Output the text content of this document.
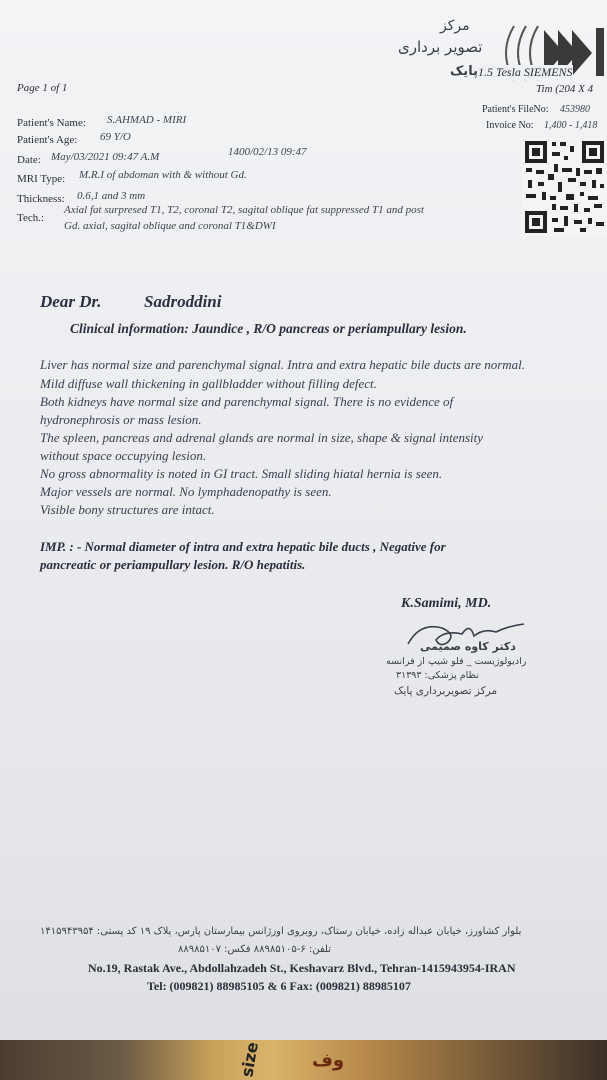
مرکز
تصویر برداری
پایک 1.5 Tesla SIEMENS
Tim (204 X 4
Page 1 of 1
Patient's FileNo: 453980
Invoice No: 1,400 - 1,418
Patient's Name: S.AHMAD - MIRI
Patient's Age: 69 Y/O
Date: May/03/2021 09:47 A.M	1400/02/13 09:47
MRI Type: M.R.I of abdoman with & without Gd.
Thickness: 0.6,1 and 3 mm
Tech.:
Axial fat surpresed T1, T2, coronal T2, sagital oblique fat suppressed T1 and post
Gd. axial, sagital oblique and coronal T1&DWI
Dear Dr.	Sadroddini
Clinical information: Jaundice , R/O pancreas or periampullary lesion.
Liver has normal size and parenchymal signal. Intra and extra hepatic bile ducts are normal.
Mild diffuse wall thickening in gallbladder without filling defect.
Both kidneys have normal size and parenchymal signal. There is no evidence of
hydronephrosis or mass lesion.
The spleen, pancreas and adrenal glands are normal in size, shape & signal intensity
without space occupying lesion.
No gross abnormality is noted in GI tract. Small sliding hiatal hernia is seen.
Major vessels are normal. No lymphadenopathy is seen.
Visible bony structures are intact.
IMP. : - Normal diameter of intra and extra hepatic bile ducts , Negative for
pancreatic or periampullary lesion. R/O hepatitis.
K.Samimi, MD.
دکتر کاوه صمیمی
رادیولوژیست _ فلو شیپ از فرانسه
نظام پزشکی: ۳۱۳۹۳
مرکز تصویربرداری پایک
بلوار کشاورز، خیابان عبداله زاده، خیابان رستاک، روبروی اورژانس بیمارستان پارس، پلاک ۱۹ کد پستی: ۱۴۱۵۹۴۳۹۵۴
تلفن: ۶-۸۸۹۸۵۱۰۵ فکس: ۸۸۹۸۵۱۰۷
No.19, Rastak Ave., Abdollahzadeh St., Keshavarz Blvd., Tehran-1415943954-IRAN
Tel: (009821) 88985105 & 6 Fax: (009821) 88985107
size	وف
